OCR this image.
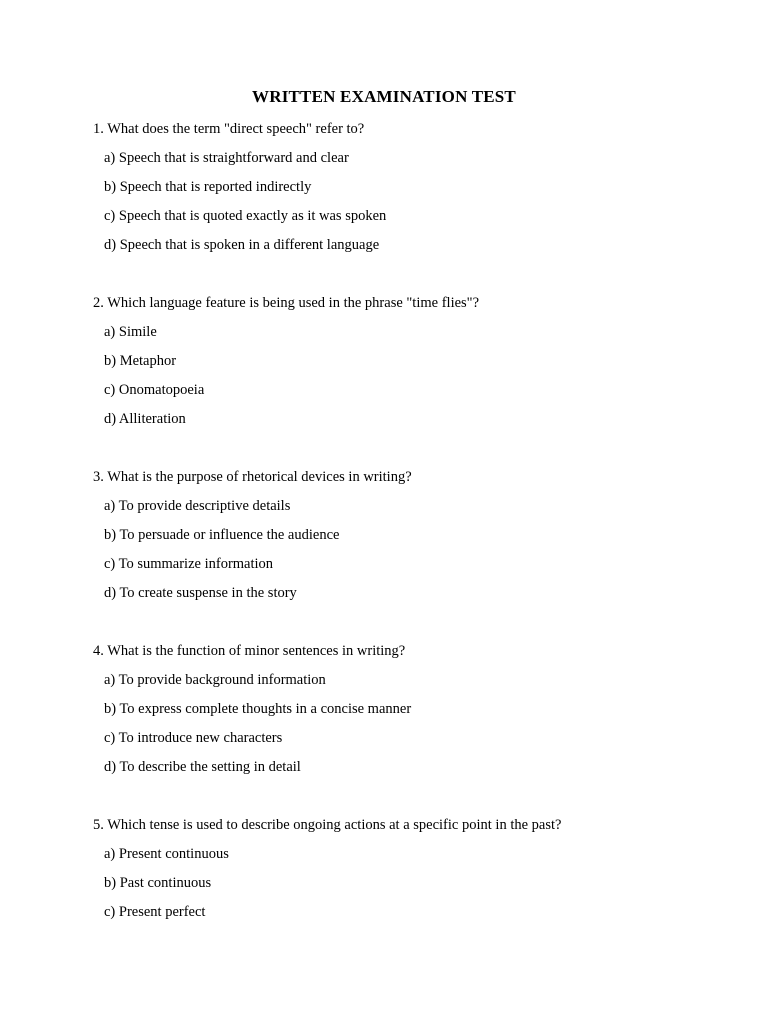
WRITTEN EXAMINATION TEST
1. What does the term "direct speech" refer to?
a) Speech that is straightforward and clear
b) Speech that is reported indirectly
c) Speech that is quoted exactly as it was spoken
d) Speech that is spoken in a different language
2. Which language feature is being used in the phrase "time flies"?
a) Simile
b) Metaphor
c) Onomatopoeia
d) Alliteration
3. What is the purpose of rhetorical devices in writing?
a) To provide descriptive details
b) To persuade or influence the audience
c) To summarize information
d) To create suspense in the story
4. What is the function of minor sentences in writing?
a) To provide background information
b) To express complete thoughts in a concise manner
c) To introduce new characters
d) To describe the setting in detail
5. Which tense is used to describe ongoing actions at a specific point in the past?
a) Present continuous
b) Past continuous
c) Present perfect
